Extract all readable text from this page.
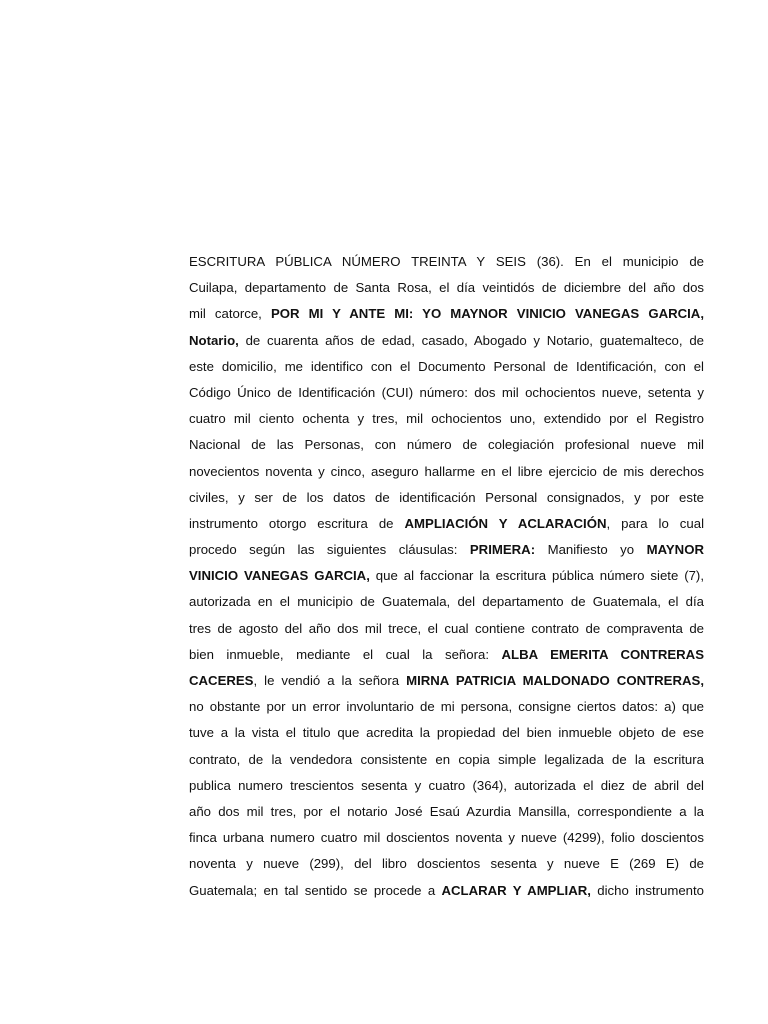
ESCRITURA PÚBLICA NÚMERO TREINTA Y SEIS (36). En el municipio de
Cuilapa, departamento de Santa Rosa, el día veintidós de diciembre del año dos
mil catorce, POR MI Y ANTE MI: YO MAYNOR VINICIO VANEGAS GARCIA,
Notario, de cuarenta años de edad, casado, Abogado y Notario, guatemalteco, de
este domicilio, me identifico con el Documento Personal de Identificación, con el
Código Único de Identificación (CUI) número: dos mil ochocientos nueve, setenta y
cuatro mil ciento ochenta y tres, mil ochocientos uno, extendido por el Registro
Nacional de las Personas, con número de colegiación profesional nueve mil
novecientos noventa y cinco, aseguro hallarme en el libre ejercicio de mis derechos
civiles, y ser de los datos de identificación Personal consignados, y por este
instrumento otorgo escritura de AMPLIACIÓN Y ACLARACIÓN, para lo cual
procedo según las siguientes cláusulas: PRIMERA: Manifiesto yo MAYNOR
VINICIO VANEGAS GARCIA, que al faccionar la escritura pública número siete (7),
autorizada en el municipio de Guatemala, del departamento de Guatemala, el día
tres de agosto del año dos mil trece, el cual contiene contrato de compraventa de
bien inmueble, mediante el cual la señora: ALBA EMERITA CONTRERAS
CACERES, le vendió a la señora MIRNA PATRICIA MALDONADO CONTRERAS,
no obstante por un error involuntario de mi persona, consigne ciertos datos: a) que
tuve a la vista el titulo que acredita la propiedad del bien inmueble objeto de ese
contrato, de la vendedora consistente en copia simple legalizada de la escritura
publica numero trescientos sesenta y cuatro (364), autorizada el diez de abril del
año dos mil tres, por el notario José Esaú Azurdia Mansilla, correspondiente a la
finca urbana numero cuatro mil doscientos noventa y nueve (4299), folio doscientos
noventa y nueve (299), del libro doscientos sesenta y nueve E (269 E) de
Guatemala; en tal sentido se procede a ACLARAR Y AMPLIAR, dicho instrumento
